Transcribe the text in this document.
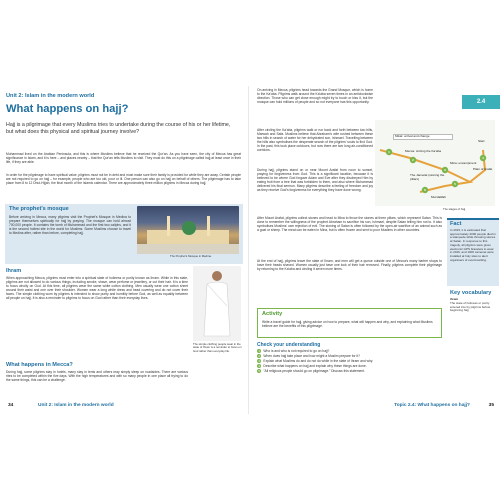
Unit 2: Islam in the modern world
What happens on hajj?
Hajj is a pilgrimage that every Muslims tries to undertake during the course of his or her lifetime, but what does this physical and spiritual journey involve?
Muhammad lived on the Arabian Peninsula, and this is where Muslims believe that he received the Qur'an. As you have seen, the city of Mecca has great significance in Islam, and it is here – and places nearby – that the Qur'an tells Muslims to visit. They must do this on a pilgrimage called hajj at least once in their life, if they are able.
In order for the pilgrimage to have spiritual value, pilgrims must not be in debt and must make sure their family is provided for while they are away. Certain people are not required to go on hajj – for example, people who are too old, poor or ill. One person can also go on hajj on behalf of others. The pilgrimage has to take place from 8 to 12 Dhul-Hijjah, the final month of the Islamic calendar. There are approximately three million pilgrims in Mecca during hajj.
The prophet's mosque
Before arriving in Mecca, many pilgrims visit the Prophet's Mosque in Medina to prepare themselves spiritually for hajj by praying. The mosque can hold almost 700,000 people. It contains the tomb of Muhammad and the first two caliphs, and it is the second holiest site in the world for Muslims. Some Muslims choose to travel to Medina after, rather than before, completing hajj.
The Prophet's Mosque in Medina.
Ihram
When approaching Mecca, pilgrims must enter into a spiritual state of holiness or purity known as Ihram. While in this state, pilgrims are not allowed to do various things, including smoke, shave, wear perfume or jewellery, or cut their hair. It is a time to focus wholly on God. At this time, all pilgrims wear the same white cotton clothing. Men usually wear one cotton sheet around their waist and one over their shoulder. Women wear a long white dress and head covering and do not cover their faces. The simple clothing worn by pilgrims is intended to show purity and humility before God, as well as equality between all people on hajj. It is also a reminder to pilgrims to focus on God rather than their everyday lives.
The simple clothing people wear in the state of Ihram is a reminder to focus on God rather than everyday life.
What happens in Mecca?
During hajj, some pilgrims stay in hotels, many stay in tents and others may simply sleep on roadsides. There are various rites to be completed within the five days. With the high temperatures and with so many people in one place all trying to do the same things, this can be a challenge.
On arriving in Mecca, pilgrims head towards the Grand Mosque, which is home to the Ka'aba. Pilgrims walk around the Ka'aba seven times in an anticlockwise direction. Those who can get close enough might try to touch or kiss it, but the mosque can hold millions of people and so not everyone has this opportunity.
After circling the Ka'aba, pilgrims walk or run back and forth between two hills, Marwah and Safa. Muslims believe that Abraham's wife rushed between these two hills in search of water for her dehydrated son, Ishmael. Travelling between the hills also symbolises the desperate search of the pilgrims' souls to find God. In the past, this took place outdoors, but now there are two long air-conditioned corridors.
During hajj, pilgrims stand on or near Mount Arafat from noon to sunset, praying for forgiveness from God. This is a significant location, because it is believed to be where God forgave Adam and Eve after they disobeyed Him by eating fruit from a tree that was forbidden to them, and also where Muhammad delivered his final sermon. Many pilgrims describe a feeling of freedom and joy as they receive God's forgiveness for everything they have done wrong.
After Mount Arafat, pilgrims collect stones and head to Mina to throw the stones at three pillars, which represent Satan. This is done to remember the willingness of the prophet Abraham to sacrifice his son, Ishmael, despite Satan telling him not to. It also symbolises Muslims' own rejection of evil. The stoning of Satan is often followed by the open-air sacrifice of an animal such as a goat or sheep. The meat can be eaten in Mina, but is often frozen and sent to poor Muslims in other countries.
At the end of hajj, pilgrims leave the state of Ihram, and men will get a queue outside one of Mecca's many barber shops to have their heads shaved. Women usually just have one lock of their hair removed. Finally, pilgrims complete their pilgrimage by returning to the Ka'aba and circling it seven more times.
1
2
3
4
5
6
Mikat: arrival and change
Mecca: circling the Ka'aba
Mina: encampment
The Jamarat (stoning the pillars)
Plain of Arafat
Muzdalifah
Start
The stages of hajj.
Fact
In 2015, it is estimated that approximately 2000 people died in a stampede while throwing stones at Satan. In response to this tragedy, all pilgrims were given electronic GPS bracelets to wear in 2016, and 1000 cameras were installed at holy sites to alert organisers of overcrowding.
Key vocabulary
Ihram
The state of holiness or purity entered into by pilgrims before beginning hajj
Activity
Write a travel guide for hajj, giving advice on how to prepare, what will happen and why, and explaining what Muslims believe are the benefits of this pilgrimage.
Check your understanding
1	Who is and who is not required to go on hajj?
2	When does hajj take place and how might a Muslim prepare for it?
3	Explain what Muslims do and do not do while in the state of Ihram and why.
4	Describe what happens on hajj and explain why these things are done.
5	"All religious people should go on pilgrimage." Discuss this statement.
2.4
34	Unit 2: Islam in the modern world	Topic 2.4: What happens on hajj?	35
